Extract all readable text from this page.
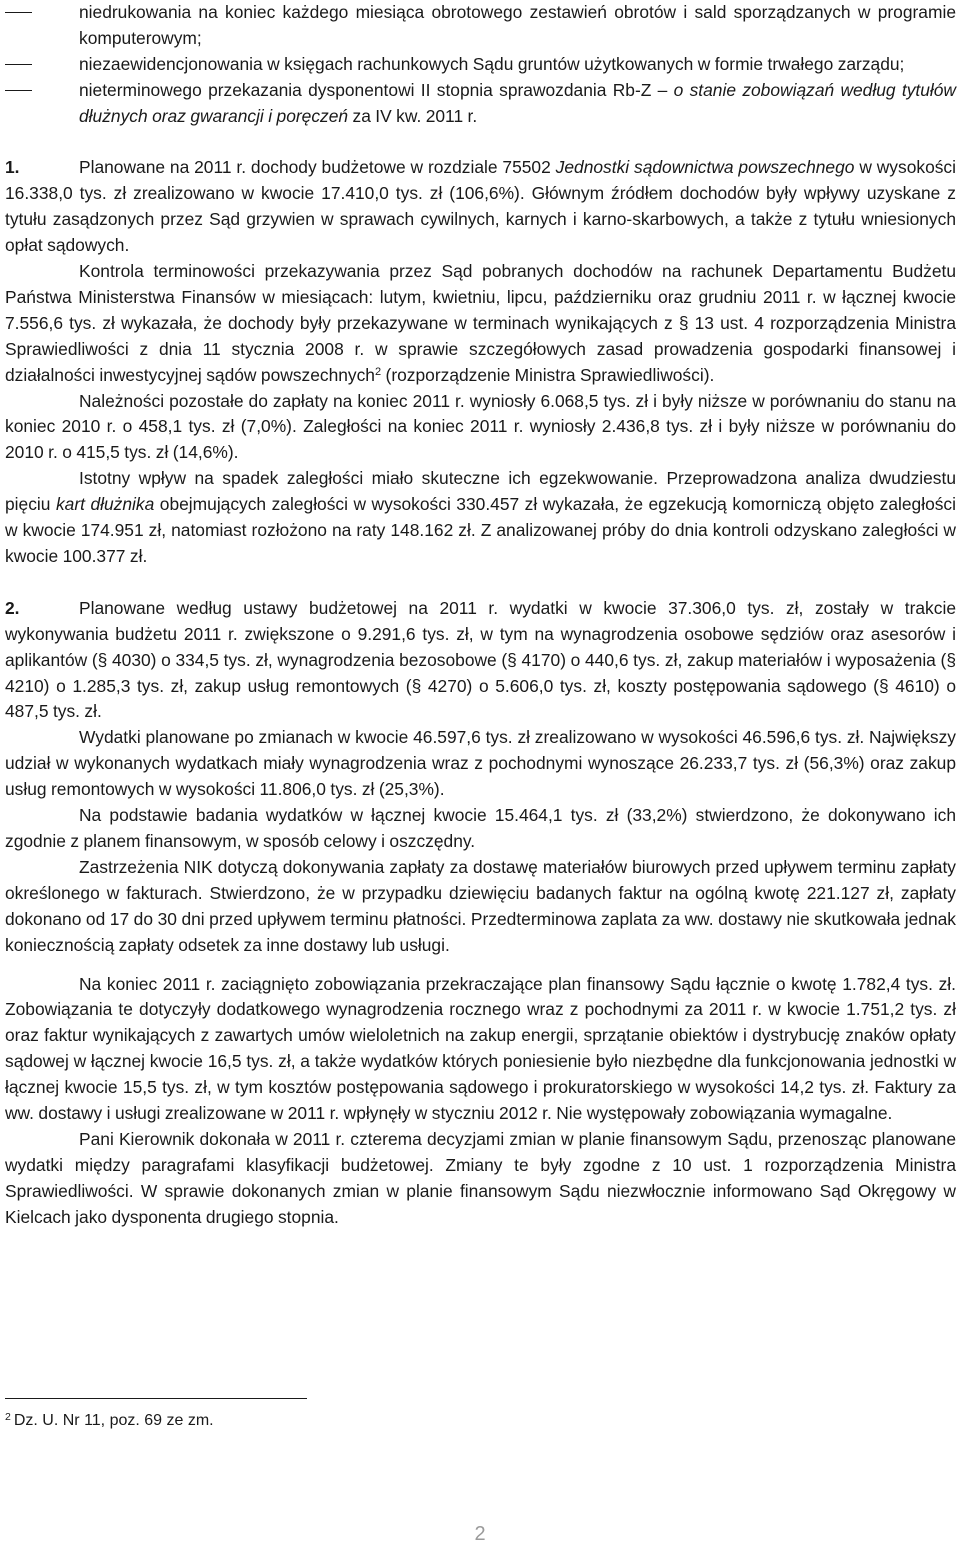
niedrukowania na koniec każdego miesiąca obrotowego zestawień obrotów i sald sporządzanych w programie komputerowym;

niezaewidencjonowania w księgach rachunkowych Sądu gruntów użytkowanych w formie trwałego zarządu;

nieterminowego przekazania dysponentowi II stopnia sprawozdania Rb-Z – o stanie zobowiązań według tytułów dłużnych oraz gwarancji i poręczeń za IV kw. 2011 r.

1.	Planowane na 2011 r. dochody budżetowe w rozdziale 75502 Jednostki sądownictwa powszechnego w wysokości 16.338,0 tys. zł zrealizowano w kwocie 17.410,0 tys. zł (106,6%). Głównym źródłem dochodów były wpływy uzyskane z tytułu zasądzonych przez Sąd grzywien w sprawach cywilnych, karnych i karno-skarbowych, a także z tytułu wniesionych opłat sądowych.

Kontrola terminowości przekazywania przez Sąd pobranych dochodów na rachunek Departamentu Budżetu Państwa Ministerstwa Finansów w miesiącach: lutym, kwietniu, lipcu, październiku oraz grudniu 2011 r. w łącznej kwocie 7.556,6 tys. zł wykazała, że dochody były przekazywane w terminach wynikających z § 13 ust. 4 rozporządzenia Ministra Sprawiedliwości z dnia 11 stycznia 2008 r. w sprawie szczegółowych zasad prowadzenia gospodarki finansowej i działalności inwestycyjnej sądów powszechnych$^2$ (rozporządzenie Ministra Sprawiedliwości).

Należności pozostałe do zapłaty na koniec 2011 r. wyniosły 6.068,5 tys. zł i były niższe w porównaniu do stanu na koniec 2010 r. o 458,1 tys. zł (7,0%). Zaległości na koniec 2011 r. wyniosły 2.436,8 tys. zł i były niższe w porównaniu do 2010 r. o 415,5 tys. zł (14,6%).

Istotny wpływ na spadek zaległości miało skuteczne ich egzekwowanie. Przeprowadzona analiza dwudziestu pięciu kart dłużnika obejmujących zaległości w wysokości 330.457 zł wykazała, że egzekucją komorniczą objęto zaległości w kwocie 174.951 zł, natomiast rozłożono na raty 148.162 zł. Z analizowanej próby do dnia kontroli odzyskano zaległości w kwocie 100.377 zł.

2.	Planowane według ustawy budżetowej na 2011 r. wydatki w kwocie 37.306,0 tys. zł, zostały w trakcie wykonywania budżetu 2011 r. zwiększone o 9.291,6 tys. zł, w tym na wynagrodzenia osobowe sędziów oraz asesorów i aplikantów (§ 4030) o 334,5 tys. zł, wynagrodzenia bezosobowe (§ 4170) o 440,6 tys. zł, zakup materiałów i wyposażenia (§ 4210) o 1.285,3 tys. zł, zakup usług remontowych (§ 4270) o 5.606,0 tys. zł, koszty postępowania sądowego (§ 4610) o 487,5 tys. zł.

Wydatki planowane po zmianach w kwocie 46.597,6 tys. zł zrealizowano w wysokości 46.596,6 tys. zł. Największy udział w wykonanych wydatkach miały wynagrodzenia wraz z pochodnymi wynoszące 26.233,7 tys. zł (56,3%) oraz zakup usług remontowych w wysokości 11.806,0 tys. zł (25,3%).

Na podstawie badania wydatków w łącznej kwocie 15.464,1 tys. zł (33,2%) stwierdzono, że dokonywano ich zgodnie z planem finansowym, w sposób celowy i oszczędny.

Zastrzeżenia NIK dotyczą dokonywania zapłaty za dostawę materiałów biurowych przed upływem terminu zapłaty określonego w fakturach. Stwierdzono, że w przypadku dziewięciu badanych faktur na ogólną kwotę 221.127 zł, zapłaty dokonano od 17 do 30 dni przed upływem terminu płatności. Przedterminowa zaplata za ww. dostawy nie skutkowała jednak koniecznością zapłaty odsetek za inne dostawy lub usługi.

Na koniec 2011 r. zaciągnięto zobowiązania przekraczające plan finansowy Sądu łącznie o kwotę 1.782,4 tys. zł. Zobowiązania te dotyczyły dodatkowego wynagrodzenia rocznego wraz z pochodnymi za 2011 r. w kwocie 1.751,2 tys. zł oraz faktur wynikających z zawartych umów wieloletnich na zakup energii, sprzątanie obiektów i dystrybucję znaków opłaty sądowej w łącznej kwocie 16,5 tys. zł, a także wydatków których poniesienie było niezbędne dla funkcjonowania jednostki w łącznej kwocie 15,5 tys. zł, w tym kosztów postępowania sądowego i prokuratorskiego w wysokości 14,2 tys. zł. Faktury za ww. dostawy i usługi zrealizowane w 2011 r. wpłynęły w styczniu 2012 r. Nie występowały zobowiązania wymagalne.

Pani Kierownik dokonała w 2011 r. czterema decyzjami zmian w planie finansowym Sądu, przenosząc planowane wydatki między paragrafami klasyfikacji budżetowej. Zmiany te były zgodne z 10 ust. 1 rozporządzenia Ministra Sprawiedliwości. W sprawie dokonanych zmian w planie finansowym Sądu niezwłocznie informowano Sąd Okręgowy w Kielcach jako dysponenta drugiego stopnia.

$^2$ Dz. U. Nr 11, poz. 69 ze zm.
2
